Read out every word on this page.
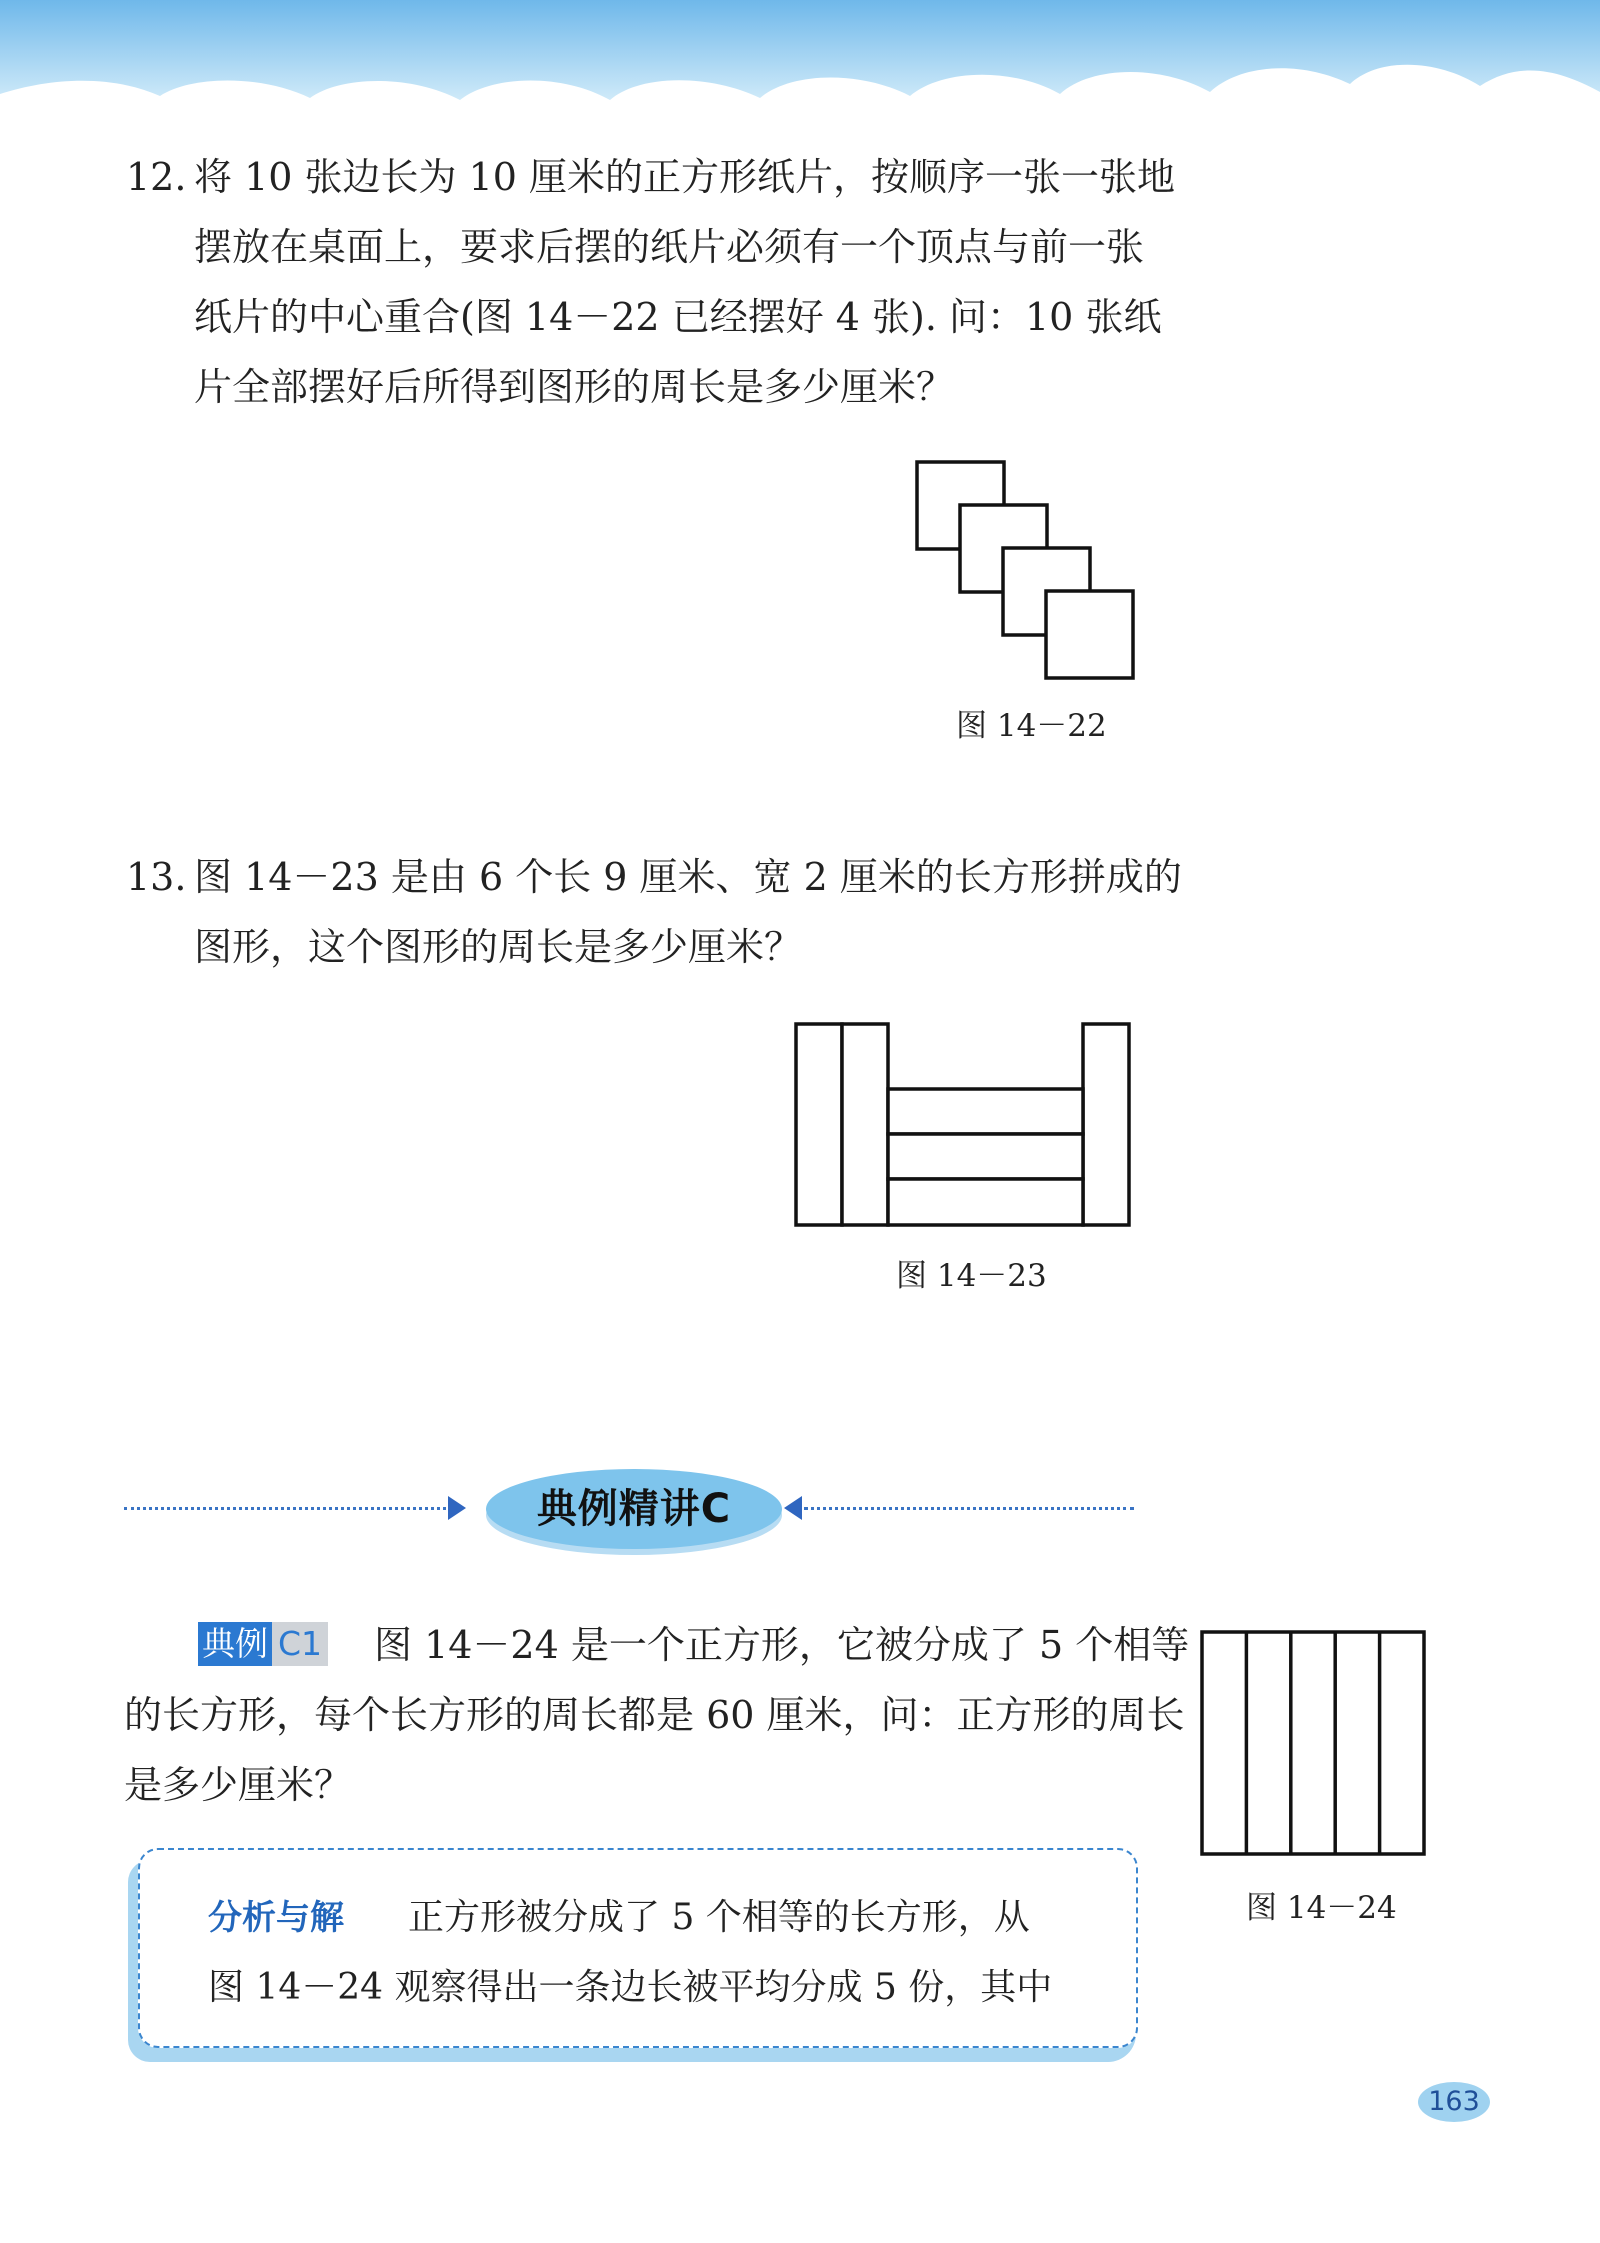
12. 将 10 张边长为 10 厘米的正方形纸片，按顺序一张一张地

摆放在桌面上，要求后摆的纸片必须有一个顶点与前一张

纸片的中心重合(图 14－22 已经摆好 4 张). 问：10 张纸

片全部摆好后所得到图形的周长是多少厘米？

图 14－22
13. 图 14－23 是由 6 个长 9 厘米、宽 2 厘米的长方形拼成的

图形，这个图形的周长是多少厘米？

图 14－23
典例精讲C
典例 C1 图 14－24 是一个正方形，它被分成了 5 个相等

的长方形，每个长方形的周长都是 60 厘米，问：正方形的周长

是多少厘米？

图 14－24
分析与解 正方形被分成了 5 个相等的长方形，从

图 14－24 观察得出一条边长被平均分成 5 份，其中

163
